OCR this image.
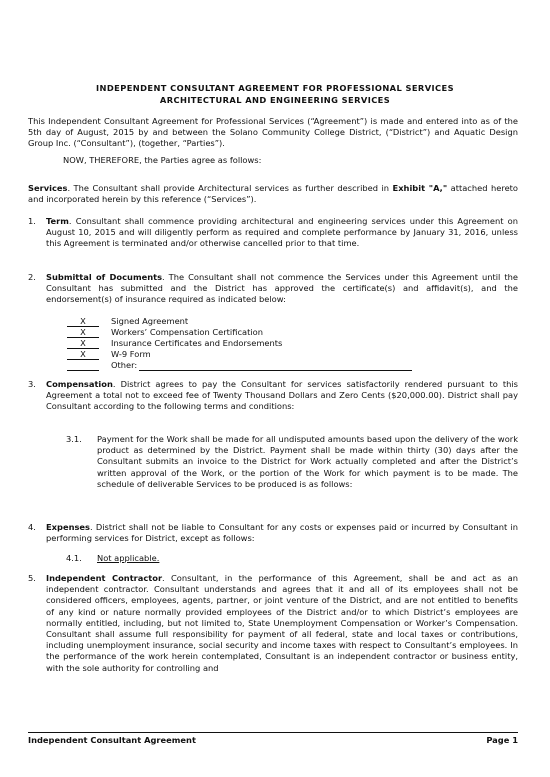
INDEPENDENT CONSULTANT AGREEMENT FOR PROFESSIONAL SERVICES
ARCHITECTURAL AND ENGINEERING SERVICES
This Independent Consultant Agreement for Professional Services (“Agreement”) is made and entered into as of the 5th day of August, 2015 by and between the Solano Community College District, (“District”) and Aquatic Design Group Inc. (“Consultant”), (together, “Parties”).
NOW, THEREFORE, the Parties agree as follows:
Services. The Consultant shall provide Architectural services as further described in Exhibit "A," attached hereto and incorporated herein by this reference (“Services”).
1.	Term. Consultant shall commence providing architectural and engineering services under this Agreement on August 10, 2015 and will diligently perform as required and complete performance by January 31, 2016, unless this Agreement is terminated and/or otherwise cancelled prior to that time.
2.	Submittal of Documents. The Consultant shall not commence the Services under this Agreement until the Consultant has submitted and the District has approved the certificate(s) and affidavit(s), and the endorsement(s) of insurance required as indicated below:
X	Signed Agreement
X	Workers’ Compensation Certification
X	Insurance Certificates and Endorsements
X	W-9 Form
Other:
3.	Compensation. District agrees to pay the Consultant for services satisfactorily rendered pursuant to this Agreement a total not to exceed fee of Twenty Thousand Dollars and Zero Cents ($20,000.00). District shall pay Consultant according to the following terms and conditions:
3.1.	Payment for the Work shall be made for all undisputed amounts based upon the delivery of the work product as determined by the District. Payment shall be made within thirty (30) days after the Consultant submits an invoice to the District for Work actually completed and after the District’s written approval of the Work, or the portion of the Work for which payment is to be made. The schedule of deliverable Services to be produced is as follows:
4.	Expenses. District shall not be liable to Consultant for any costs or expenses paid or incurred by Consultant in performing services for District, except as follows:
4.1.	Not applicable.
5.	Independent Contractor. Consultant, in the performance of this Agreement, shall be and act as an independent contractor. Consultant understands and agrees that it and all of its employees shall not be considered officers, employees, agents, partner, or joint venture of the District, and are not entitled to benefits of any kind or nature normally provided employees of the District and/or to which District’s employees are normally entitled, including, but not limited to, State Unemployment Compensation or Worker’s Compensation. Consultant shall assume full responsibility for payment of all federal, state and local taxes or contributions, including unemployment insurance, social security and income taxes with respect to Consultant’s employees. In the performance of the work herein contemplated, Consultant is an independent contractor or business entity, with the sole authority for controlling and
Independent Consultant Agreement	Page 1
